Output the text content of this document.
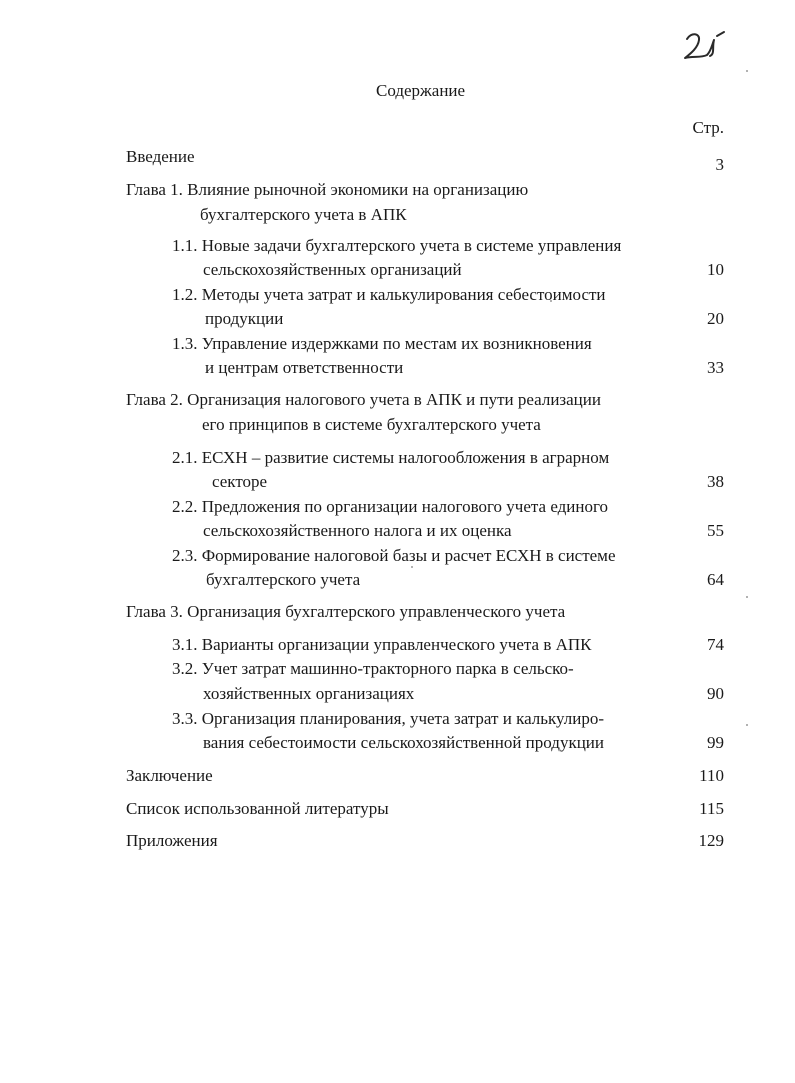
Содержание
Стр.
Введение	3
Глава 1. Влияние рыночной экономики на организацию
бухгалтерского учета в АПК
1.1. Новые задачи бухгалтерского учета в системе управления
сельскохозяйственных организаций	10
1.2. Методы учета затрат и калькулирования себестоимости
продукции	20
1.3. Управление издержками по местам их возникновения
и центрам ответственности	33
Глава 2. Организация налогового учета в АПК и пути реализации
его принципов в системе бухгалтерского учета
2.1. ЕСХН – развитие системы налогообложения в аграрном
секторе	38
2.2. Предложения по организации налогового учета единого
сельскохозяйственного налога и их оценка	55
2.3. Формирование налоговой базы и расчет ЕСХН в системе
бухгалтерского учета	64
Глава 3. Организация бухгалтерского управленческого учета
3.1. Варианты организации управленческого учета в АПК	74
3.2. Учет затрат машинно-тракторного парка в сельско-
хозяйственных организациях	90
3.3. Организация планирования, учета затрат и калькулиро-
вания себестоимости сельскохозяйственной продукции	99
Заключение	110
Список использованной литературы	115
Приложения	129
